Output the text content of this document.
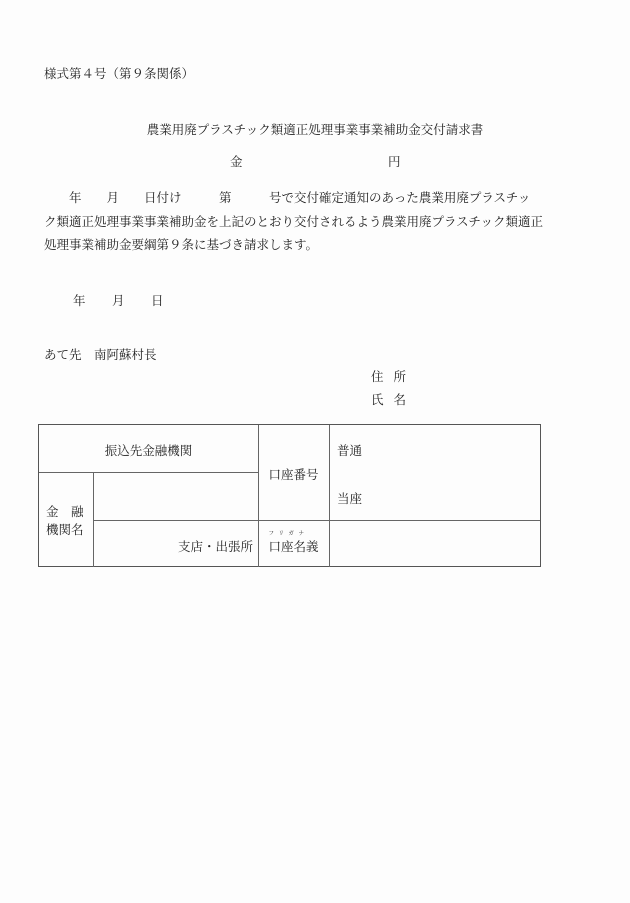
様式第４号（第９条関係）
農業用廃プラスチック類適正処理事業事業補助金交付請求書
金	円
　　年　　月　　日付け　　　第　　　号で交付確定通知のあった農業用廃プラスチッ
ク類適正処理事業事業補助金を上記のとおり交付されるよう農業用廃プラスチック類適正
処理事業補助金要綱第９条に基づき請求します。
年 月 日
あて先　南阿蘇村長
住所
氏名
振込先金融機関
金　融
機関名
支店・出張所
口座番号
普通
当座
フリガナ
口座名義
